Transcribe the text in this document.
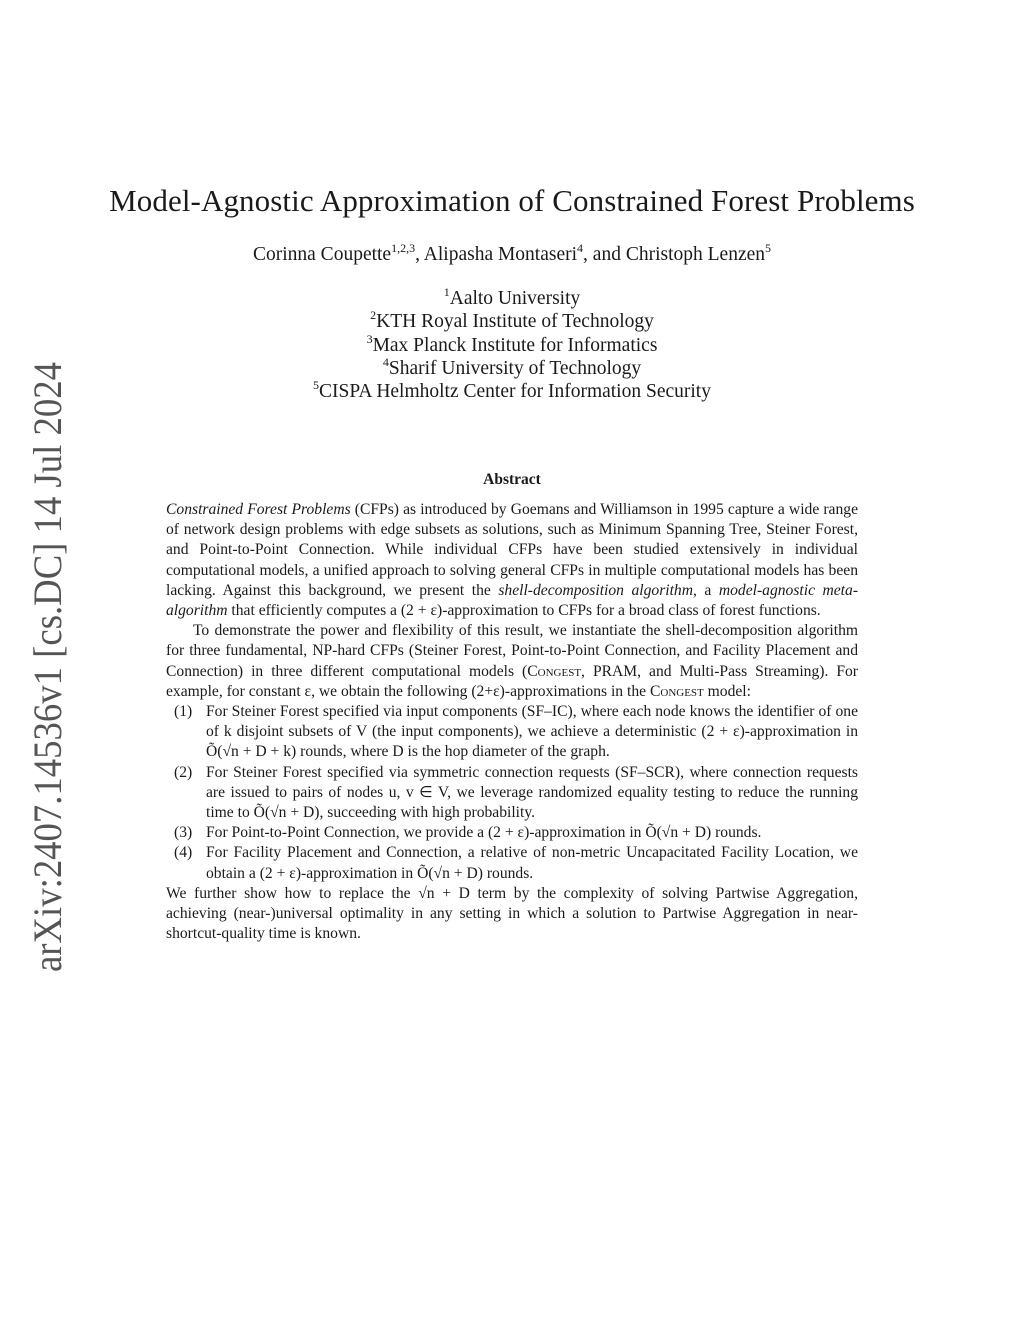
arXiv:2407.14536v1 [cs.DC] 14 Jul 2024
Model-Agnostic Approximation of Constrained Forest Problems
Corinna Coupette$^{1,2,3}$, Alipasha Montaseri$^4$, and Christoph Lenzen$^5$
$^1$Aalto University
$^2$KTH Royal Institute of Technology
$^3$Max Planck Institute for Informatics
$^4$Sharif University of Technology
$^5$CISPA Helmholtz Center for Information Security
Abstract

Constrained Forest Problems (CFPs) as introduced by Goemans and Williamson in 1995 capture a wide range of network design problems with edge subsets as solutions, such as Minimum Spanning Tree, Steiner Forest, and Point-to-Point Connection. While individual CFPs have been studied extensively in individual computational models, a unified approach to solving general CFPs in multiple computational models has been lacking. Against this background, we present the shell-decomposition algorithm, a model-agnostic meta-algorithm that efficiently computes a (2 + ε)-approximation to CFPs for a broad class of forest functions.

To demonstrate the power and flexibility of this result, we instantiate the shell-decomposition algorithm for three fundamental, NP-hard CFPs (Steiner Forest, Point-to-Point Connection, and Facility Placement and Connection) in three different computational models (Congest, PRAM, and Multi-Pass Streaming). For example, for constant ε, we obtain the following (2+ε)-approximations in the Congest model:

(1) For Steiner Forest specified via input components (SF–IC), where each node knows the identifier of one of k disjoint subsets of V (the input components), we achieve a deterministic (2 + ε)-approximation in Õ(√n + D + k) rounds, where D is the hop diameter of the graph.
(2) For Steiner Forest specified via symmetric connection requests (SF–SCR), where connection requests are issued to pairs of nodes u, v ∈ V, we leverage randomized equality testing to reduce the running time to Õ(√n + D), succeeding with high probability.
(3) For Point-to-Point Connection, we provide a (2 + ε)-approximation in Õ(√n + D) rounds.
(4) For Facility Placement and Connection, a relative of non-metric Uncapacitated Facility Location, we obtain a (2 + ε)-approximation in Õ(√n + D) rounds.

We further show how to replace the √n + D term by the complexity of solving Partwise Aggregation, achieving (near-)universal optimality in any setting in which a solution to Partwise Aggregation in near-shortcut-quality time is known.
